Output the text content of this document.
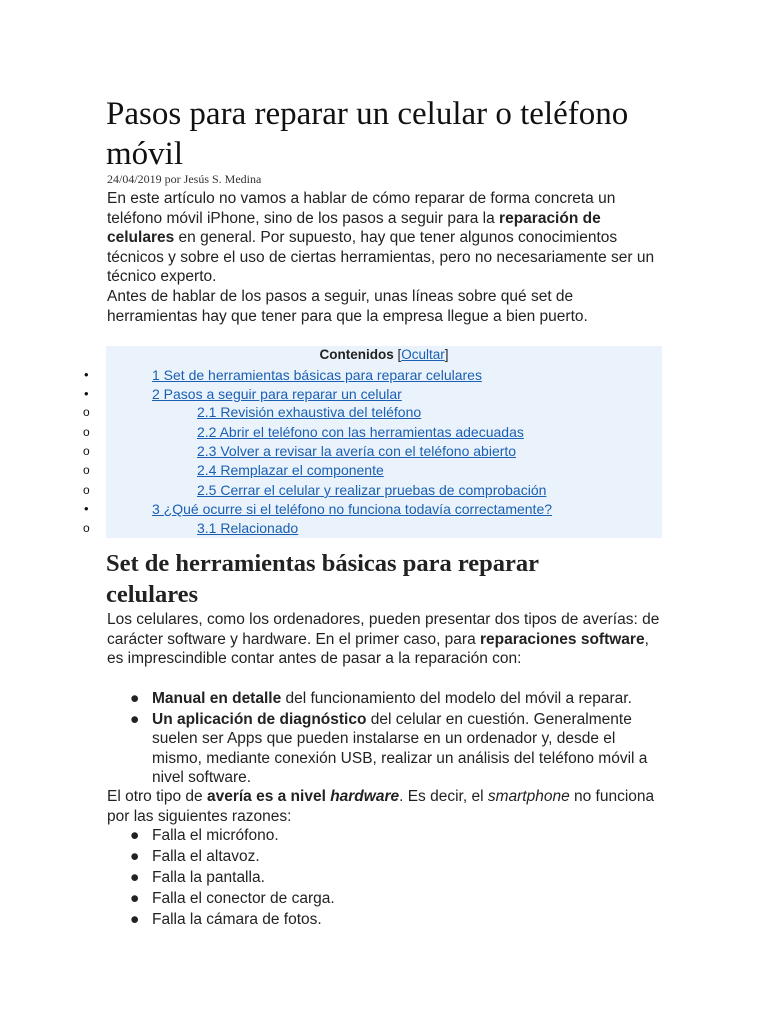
Pasos para reparar un celular o teléfono móvil
24/04/2019 por Jesús S. Medina

En este artículo no vamos a hablar de cómo reparar de forma concreta un teléfono móvil iPhone, sino de los pasos a seguir para la reparación de celulares en general. Por supuesto, hay que tener algunos conocimientos técnicos y sobre el uso de ciertas herramientas, pero no necesariamente ser un técnico experto.

Antes de hablar de los pasos a seguir, unas líneas sobre qué set de herramientas hay que tener para que la empresa llegue a bien puerto.

Contenidos [Ocultar]
•	1 Set de herramientas básicas para reparar celulares
•	2 Pasos a seguir para reparar un celular
o	2.1 Revisión exhaustiva del teléfono
o	2.2 Abrir el teléfono con las herramientas adecuadas
o	2.3 Volver a revisar la avería con el teléfono abierto
o	2.4 Remplazar el componente
o	2.5 Cerrar el celular y realizar pruebas de comprobación
•	3 ¿Qué ocurre si el teléfono no funciona todavía correctamente?
o	3.1 Relacionado
Set de herramientas básicas para reparar celulares

Los celulares, como los ordenadores, pueden presentar dos tipos de averías: de carácter software y hardware. En el primer caso, para reparaciones software, es imprescindible contar antes de pasar a la reparación con:

● Manual en detalle del funcionamiento del modelo del móvil a reparar.
● Un aplicación de diagnóstico del celular en cuestión. Generalmente suelen ser Apps que pueden instalarse en un ordenador y, desde el mismo, mediante conexión USB, realizar un análisis del teléfono móvil a nivel software.

El otro tipo de avería es a nivel hardware. Es decir, el smartphone no funciona por las siguientes razones:

● Falla el micrófono.
● Falla el altavoz.
● Falla la pantalla.
● Falla el conector de carga.
● Falla la cámara de fotos.
